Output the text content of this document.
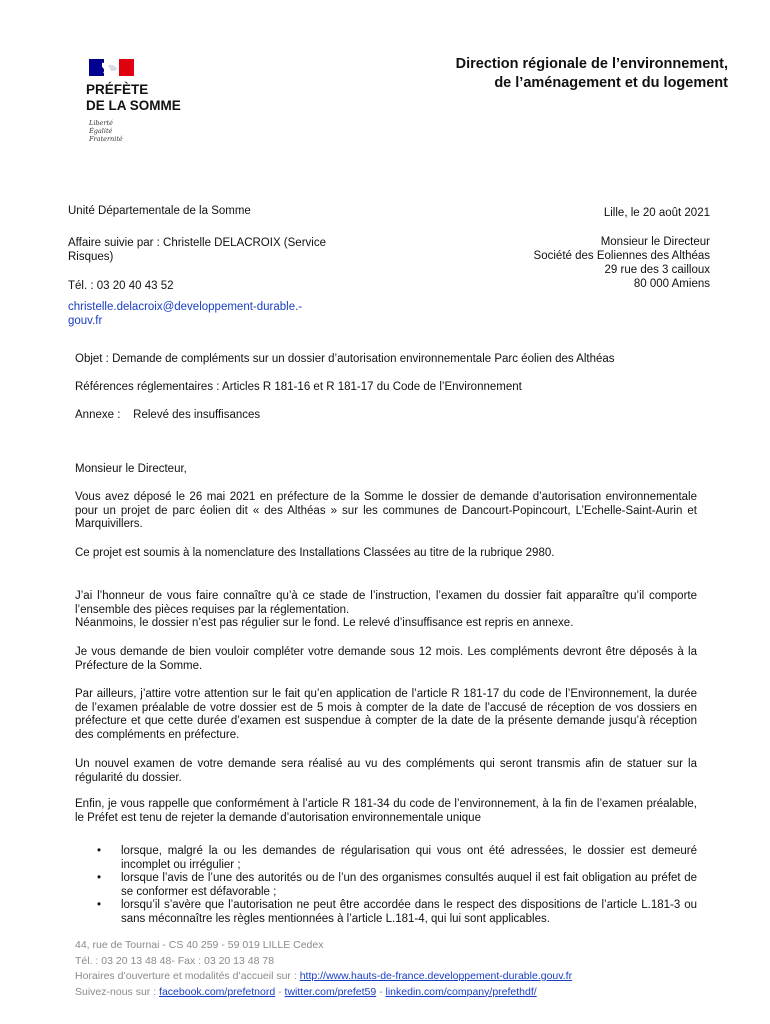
PRÉFÈTE
DE LA SOMME
Liberté
Égalité
Fraternité
Direction régionale de l’environnement,
de l’aménagement et du logement
Unité Départementale de la Somme
Affaire suivie par : Christelle DELACROIX (Service Risques)
Tél. : 03 20 40 43 52
christelle.delacroix@developpement-durable.-
gouv.fr
Lille, le 20 août 2021
Monsieur le Directeur
Société des Eoliennes des Althéas
29 rue des 3 cailloux
80 000 Amiens
Objet : Demande de compléments sur un dossier d’autorisation environnementale Parc éolien des Althéas
Références réglementaires : Articles R 181-16 et R 181-17 du Code de l’Environnement
Annexe :    Relevé des insuffisances
Monsieur le Directeur,
Vous avez déposé le 26 mai 2021 en préfecture de la Somme le dossier de demande d’autorisation environnementale pour un projet de parc éolien dit « des Althéas » sur les communes de Dancourt-Popincourt, L’Echelle-Saint-Aurin et Marquivillers.
Ce projet est soumis à la nomenclature des Installations Classées au titre de la rubrique 2980.
J’ai l’honneur de vous faire connaître qu’à ce stade de l’instruction, l’examen du dossier fait apparaître qu’il comporte l’ensemble des pièces requises par la réglementation.
Néanmoins, le dossier n’est pas régulier sur le fond. Le relevé d’insuffisance est repris en annexe.
Je vous demande de bien vouloir compléter votre demande sous 12 mois. Les compléments devront être déposés à la Préfecture de la Somme.
Par ailleurs, j’attire votre attention sur le fait qu’en application de l’article R 181-17 du code de l’Environnement, la durée de l’examen préalable de votre dossier est de 5 mois à compter de la date de l’accusé de réception de vos dossiers en préfecture et que cette durée d’examen est suspendue à compter de la date de la présente demande jusqu’à réception des compléments en préfecture.
Un nouvel examen de votre demande sera réalisé au vu des compléments qui seront transmis afin de statuer sur la régularité du dossier.
Enfin, je vous rappelle que conformément à l’article R 181-34 du code de l’environnement, à la fin de l’examen préalable, le Préfet est tenu de rejeter la demande d’autorisation environnementale unique
• lorsque, malgré la ou les demandes de régularisation qui vous ont été adressées, le dossier est demeuré incomplet ou irrégulier ;
• lorsque l’avis de l’une des autorités ou de l’un des organismes consultés auquel il est fait obligation au préfet de se conformer est défavorable ;
• lorsqu’il s’avère que l’autorisation ne peut être accordée dans le respect des dispositions de l’article L.181-3 ou sans méconnaître les règles mentionnées à l’article L.181-4, qui lui sont applicables.
44, rue de Tournai - CS 40 259 - 59 019 LILLE Cedex
Tél. : 03 20 13 48 48- Fax : 03 20 13 48 78
Horaires d’ouverture et modalités d’accueil sur : http://www.hauts-de-france.developpement-durable.gouv.fr
Suivez-nous sur : facebook.com/prefetnord - twitter.com/prefet59 - linkedin.com/company/prefethdf/
